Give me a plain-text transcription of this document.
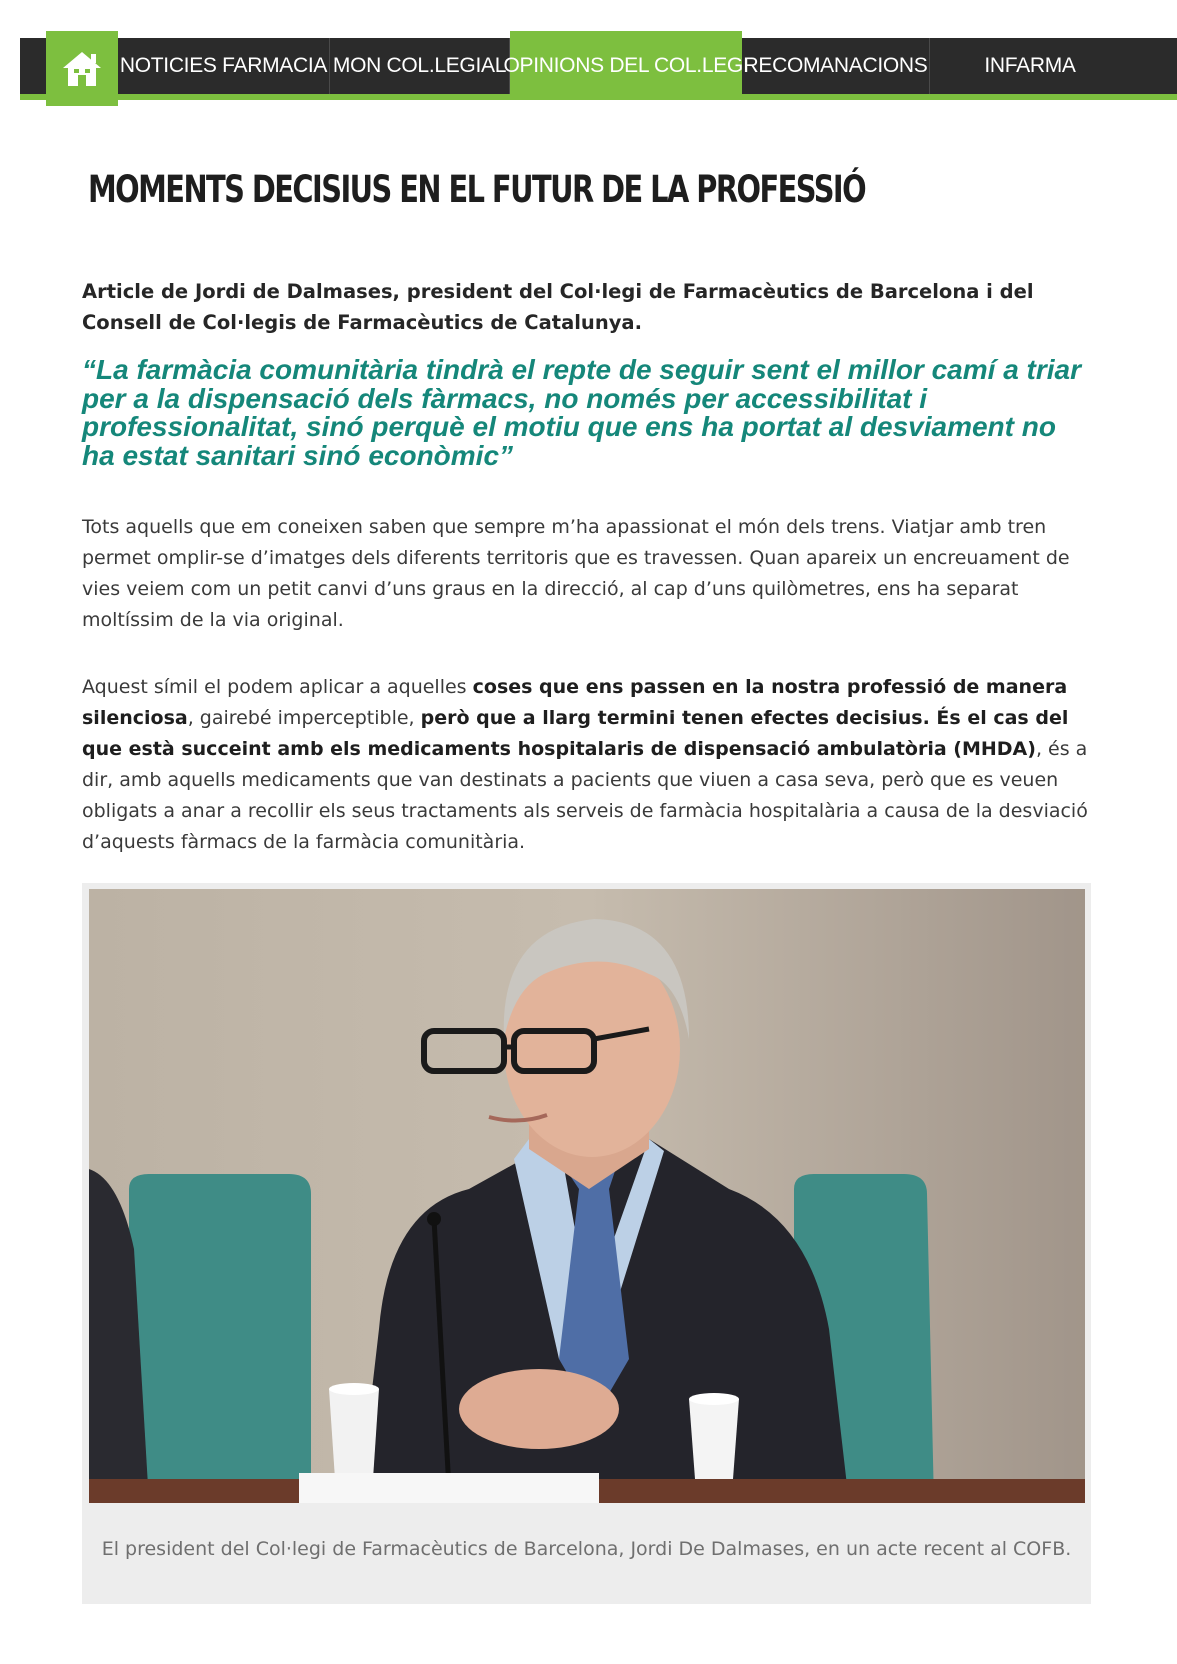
NOTICIES FARMACIA MON COL.LEGIAL
OPINIONS DEL COL.LEGI
RECOMANACIONS	INFARMA
MOMENTS DECISIUS EN EL FUTUR DE LA PROFESSIÓ
Article de Jordi de Dalmases, president del Col·legi de Farmacèutics de Barcelona i del Consell de Col·legis de Farmacèutics de Catalunya.
“La farmàcia comunitària tindrà el repte de seguir sent el millor camí a triar per a la dispensació dels fàrmacs, no només per accessibilitat i professionalitat, sinó perquè el motiu que ens ha portat al desviament no ha estat sanitari sinó econòmic”
Tots aquells que em coneixen saben que sempre m’ha apassionat el món dels trens. Viatjar amb tren permet omplir-se d’imatges dels diferents territoris que es travessen. Quan apareix un encreuament de vies veiem com un petit canvi d’uns graus en la direcció, al cap d’uns quilòmetres, ens ha separat moltíssim de la via original.
Aquest símil el podem aplicar a aquelles coses que ens passen en la nostra professió de manera silenciosa, gairebé imperceptible, però que a llarg termini tenen efectes decisius. És el cas del que està succeint amb els medicaments hospitalaris de dispensació ambulatòria (MHDA), és a dir, amb aquells medicaments que van destinats a pacients que viuen a casa seva, però que es veuen obligats a anar a recollir els seus tractaments als serveis de farmàcia hospitalària a causa de la desviació d’aquests fàrmacs de la farmàcia comunitària.
El president del Col·legi de Farmacèutics de Barcelona, Jordi De Dalmases, en un acte recent al COFB.
